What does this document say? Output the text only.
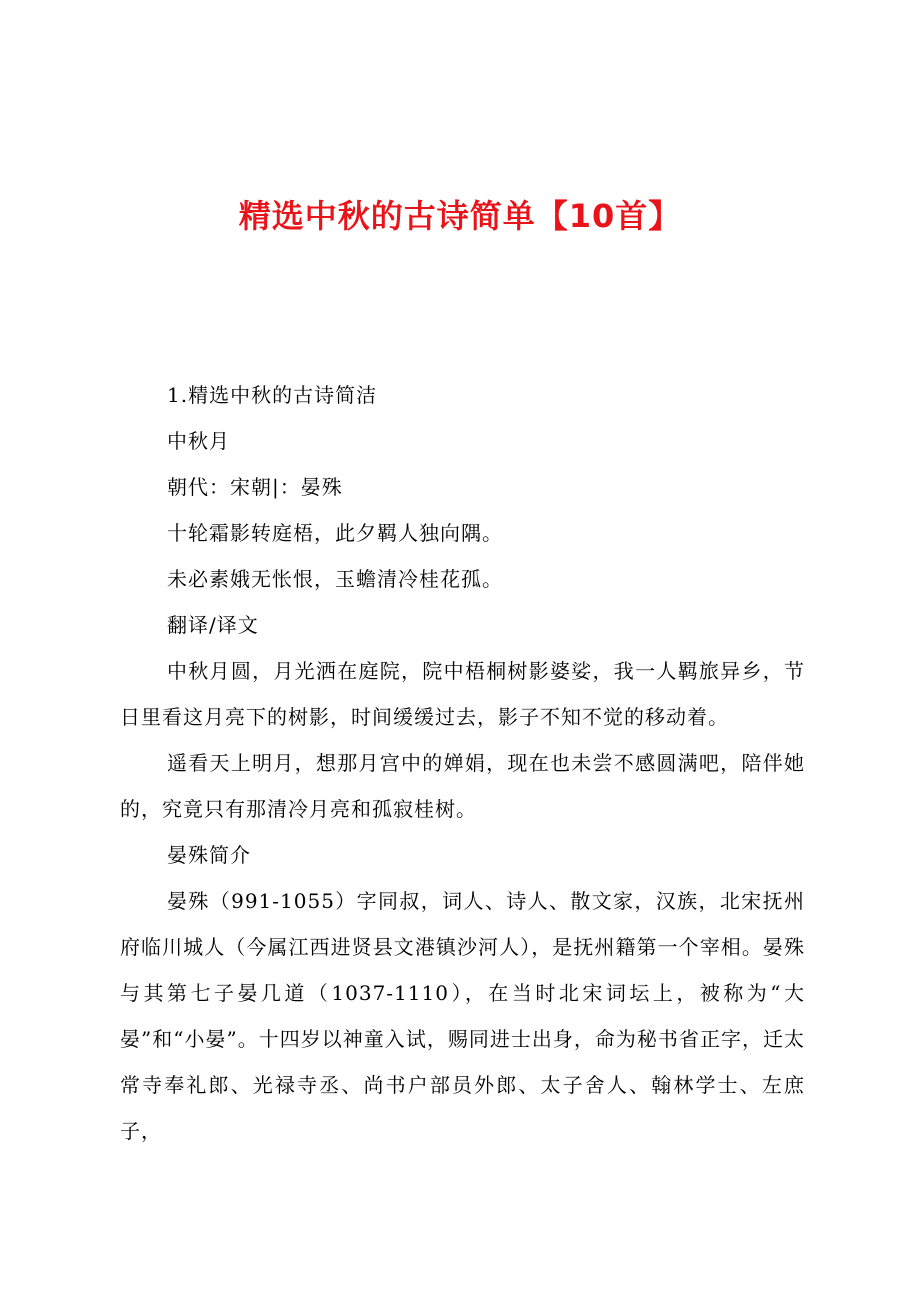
精选中秋的古诗简单【10首】
1.精选中秋的古诗简洁
中秋月
朝代：宋朝|：晏殊
十轮霜影转庭梧，此夕羁人独向隅。
未必素娥无怅恨，玉蟾清冷桂花孤。
翻译/译文
中秋月圆，月光洒在庭院，院中梧桐树影婆娑，我一人羁旅异乡，节日里看这月亮下的树影，时间缓缓过去，影子不知不觉的移动着。
遥看天上明月，想那月宫中的婵娟，现在也未尝不感圆满吧，陪伴她的，究竟只有那清冷月亮和孤寂桂树。
晏殊简介
晏殊（991-1055）字同叔，词人、诗人、散文家，汉族，北宋抚州府临川城人（今属江西进贤县文港镇沙河人），是抚州籍第一个宰相。晏殊与其第七子晏几道（1037-1110），在当时北宋词坛上，被称为“大晏”和“小晏”。十四岁以神童入试，赐同进士出身，命为秘书省正字，迁太常寺奉礼郎、光禄寺丞、尚书户部员外郎、太子舍人、翰林学士、左庶子，
